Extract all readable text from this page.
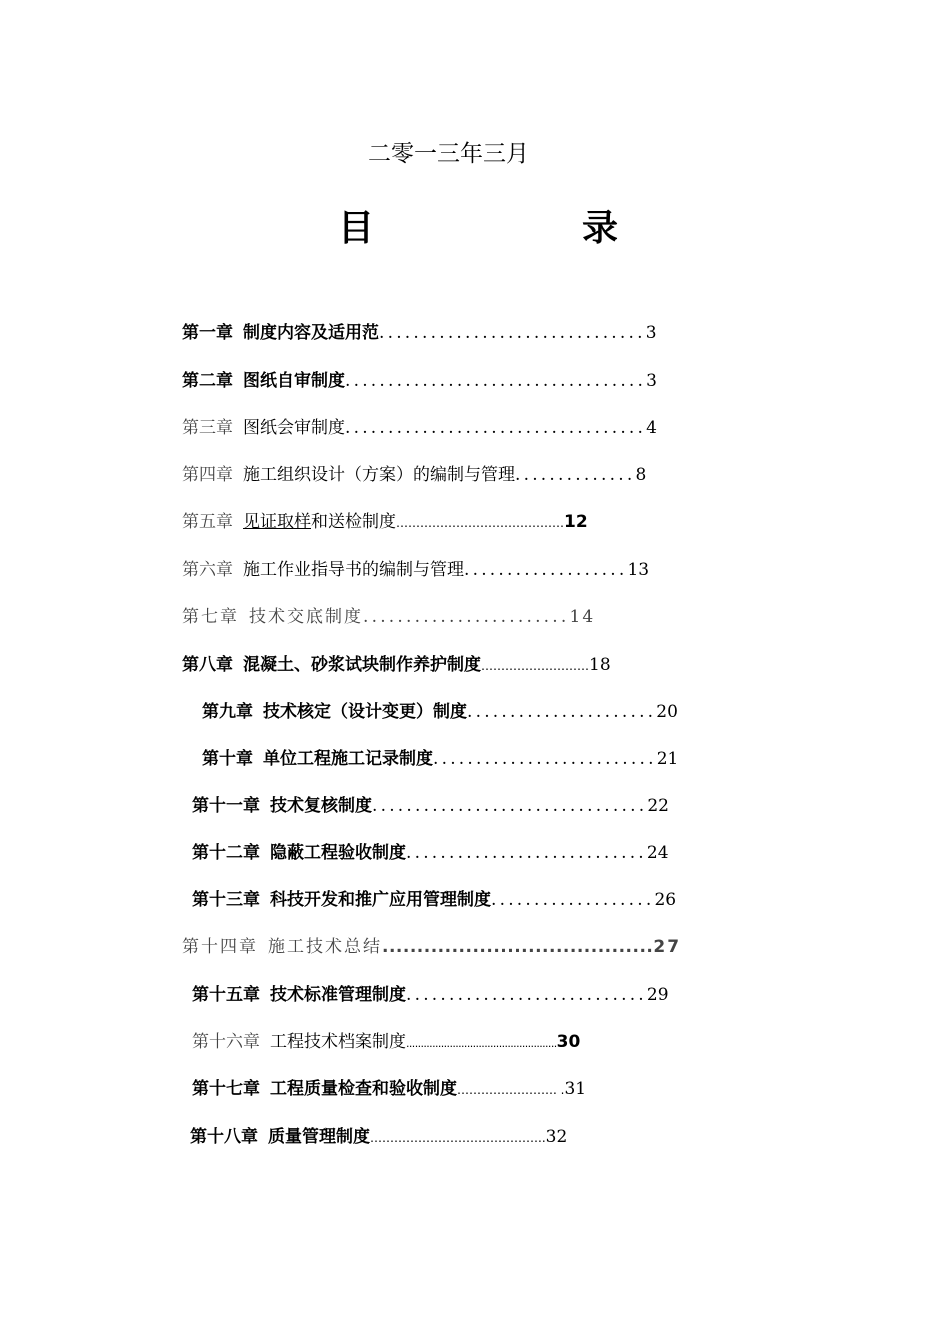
二零一三年三月
目	录
第一章 制度内容及适用范 ............................... 3
第二章 图纸自审制度 ................................... 3
第三章 图纸会审制度 ................................... 4
第四章 施工组织设计（方案）的编制与管理 .............. 8
第五章 见证取样 和送检制度 …………………………………… 12
第六章 施工作业指导书的编制与管理 ................... 13
第七章 技术交底制度 ........................ 14
第八章 混凝土、砂浆试块制作养护制度 ……………………… 18
第九章 技术核定（设计变更）制度 ...................... 20
第十章 单位工程施工记录制度 .......................... 21
第十一章 技术复核制度 ................................ 22
第十二章 隐蔽工程验收制度 ............................ 24
第十三章 科技开发和推广应用管理制度 ................... 26
第十四章 施工技术总结 ....................................... 27
第十五章 技术标准管理制度 ............................ 29
第十六章 工程技术档案制度 .................................................... 30
第十七章 工程质量检查和验收制度 ……………………. . 31
第十八章 质量管理制度 …………………………………….. 32
